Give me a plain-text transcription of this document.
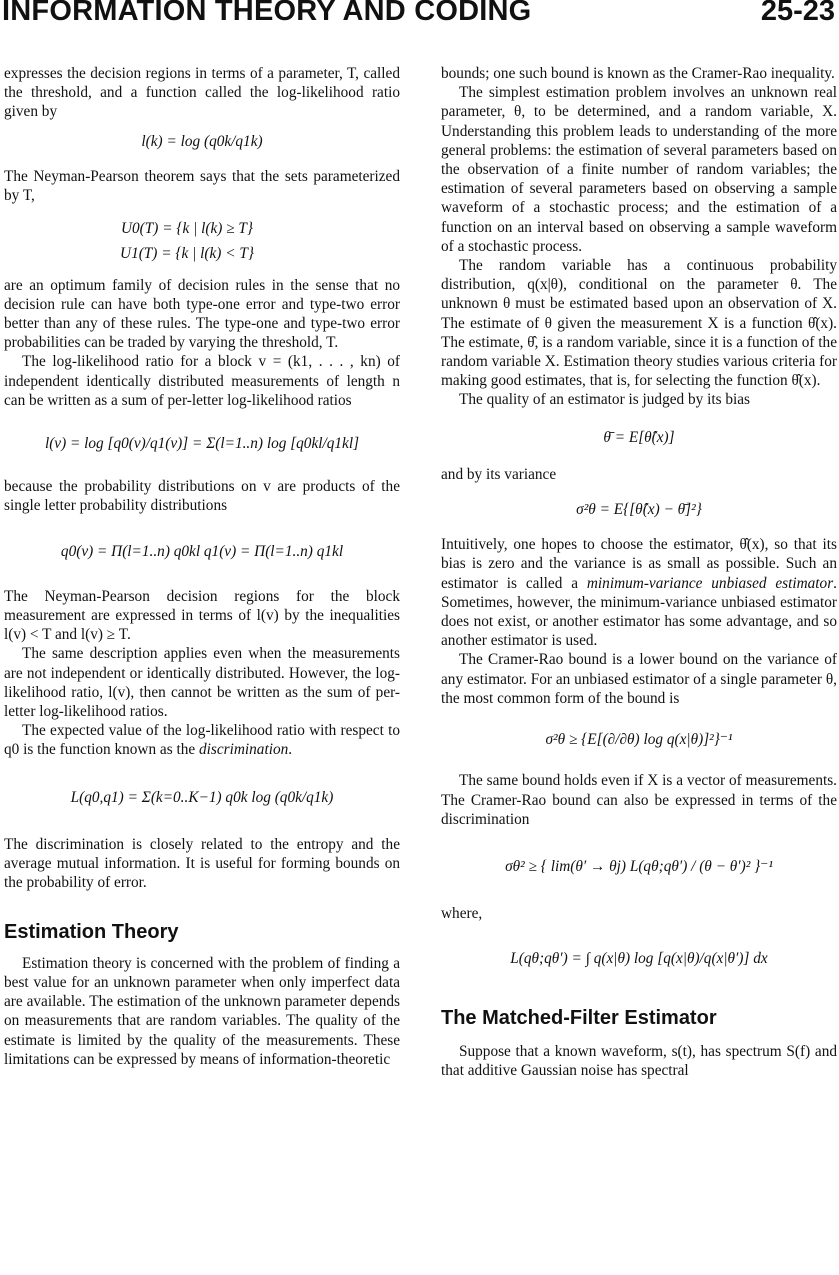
INFORMATION THEORY AND CODING	25-23

expresses the decision regions in terms of a parameter, T, called the threshold, and a function called the log-likelihood ratio given by

l(k) = log (q0k/q1k)

The Neyman-Pearson theorem says that the sets parameterized by T,

U0(T) = {k | l(k) ≥ T}
U1(T) = {k | l(k) < T}

are an optimum family of decision rules in the sense that no decision rule can have both type-one error and type-two error better than any of these rules. The type-one and type-two error probabilities can be traded by varying the threshold, T.

The log-likelihood ratio for a block v = (k1, . . . , kn) of independent identically distributed measurements of length n can be written as a sum of per-letter log-likelihood ratios

l(v) = log [q0(v)/q1(v)] = Σ(l=1..n) log [q0kl/q1kl]

because the probability distributions on v are products of the single letter probability distributions

q0(v) = Π(l=1..n) q0kl q1(v) = Π(l=1..n) q1kl

The Neyman-Pearson decision regions for the block measurement are expressed in terms of l(v) by the inequalities l(v) < T and l(v) ≥ T.

The same description applies even when the measurements are not independent or identically distributed. However, the log-likelihood ratio, l(v), then cannot be written as the sum of per-letter log-likelihood ratios.

The expected value of the log-likelihood ratio with respect to q0 is the function known as the discrimination.

L(q0,q1) = Σ(k=0..K−1) q0k log (q0k/q1k)

The discrimination is closely related to the entropy and the average mutual information. It is useful for forming bounds on the probability of error.

Estimation Theory

Estimation theory is concerned with the problem of finding a best value for an unknown parameter when only imperfect data are available. The estimation of the unknown parameter depends on measurements that are random variables. The quality of the estimate is limited by the quality of the measurements. These limitations can be expressed by means of information-theoretic

bounds; one such bound is known as the Cramer-Rao inequality.

The simplest estimation problem involves an unknown real parameter, θ, to be determined, and a random variable, X. Understanding this problem leads to understanding of the more general problems: the estimation of several parameters based on the observation of a finite number of random variables; the estimation of several parameters based on observing a sample waveform of a stochastic process; and the estimation of a function on an interval based on observing a sample waveform of a stochastic process.

The random variable has a continuous probability distribution, q(x|θ), conditional on the parameter θ. The unknown θ must be estimated based upon an observation of X. The estimate of θ given the measurement X is a function θ̂(x). The estimate, θ̂, is a random variable, since it is a function of the random variable X. Estimation theory studies various criteria for making good estimates, that is, for selecting the function θ̂(x).

The quality of an estimator is judged by its bias

θ̄ = E[θ̂(x)]

and by its variance

σ²θ = E{[θ̂(x) − θ̄]²}

Intuitively, one hopes to choose the estimator, θ̂(x), so that its bias is zero and the variance is as small as possible. Such an estimator is called a minimum-variance unbiased estimator. Sometimes, however, the minimum-variance unbiased estimator does not exist, or another estimator has some advantage, and so another estimator is used.

The Cramer-Rao bound is a lower bound on the variance of any estimator. For an unbiased estimator of a single parameter θ, the most common form of the bound is

σ²θ ≥ {E[(∂/∂θ) log q(x|θ)]²}⁻¹

The same bound holds even if X is a vector of measurements. The Cramer-Rao bound can also be expressed in terms of the discrimination

σθ² ≥ { lim(θ′ → θj) L(qθ;qθ′) / (θ − θ′)² }⁻¹

where,

L(qθ;qθ′) = ∫ q(x|θ) log [q(x|θ)/q(x|θ′)] dx
The Matched-Filter Estimator

Suppose that a known waveform, s(t), has spectrum S(f) and that additive Gaussian noise has spectral
